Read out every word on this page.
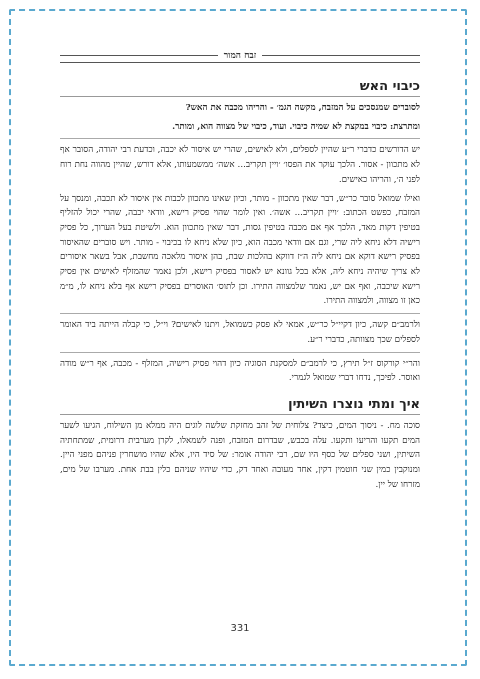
זבח המור
כיבוי האש

לסוברים שמנסכים על המזבח, מקשה הגמ׳ - והריהו מכבה את האש?

ומתרצת: כיבוי במקצת לא שמיה כיבוי. ועוד, כיבוי של מצווה הוא, ומותר.

יש הדורשים כדברי ר״ע שהיין לספלים, ולא לאישים, שהרי יש איסור לא יכבה, וכדעת רבי יהודה, הסובר אף לא מתכוון - אסור. הלכך עוקר את הפסו׳ ׳ויין תקריב... אשה׳ ממשמעותו, אלא דורש, שהיין מהווה נחת רוח לפני ה׳, והריהו כאישים.

ואילו שמואל סובר כר״ש, דבר שאין מתכוון - מותר, וכיון שאינו מתכוון לכבות אין איסור לא תכבה, ומנסך על המזבח, כפשט הכתוב: ׳ויין תקריב... אשה׳. ואין לומר שהוי פסיק רישא, וודאי יכבה, שהרי יכול להזליף בטיפין דקות מאד, הלכך אף אם מכבה בטיפין גסות, דבר שאין מתכוון הוא. ולשיטת בעל הערוך, כל פסיק רישיה דלא ניחא ליה שרי, וגם אם וודאי מכבה הוא, כיון שלא ניחא לו בכיבוי - מותר. ויש סוברים שהאיסור בפסיק רישא דוקא אם ניחא ליה ה״ז דווקא בהלכות שבת, בהן איסור מלאכה מחשבת, אבל בשאר איסורים לא צריך שיהיה ניחא ליה, אלא בכל גוונא יש לאסור בפסיק רישא, ולכן נאמר שהמזלף לאישים אין פסיק רישא שיכבה, ואף אם יש, נאמר שלמצווה התירו. וכן לתוס׳ האוסרים בפסיק רישא אף בלא ניחא לו, מ״מ כאן זו מצווה, ולמצווה התירו.

ולרמב״ם קשה, כיון דקיי״ל כר״ש, אמאי לא פסק כשמואל, ויתנו לאישים? וי״ל, כי קבלה הייתה ביד האומר לספלים שכך מצוותה, כדברי ר״ע.

והר״י קורקוס ז״ל תירץ, כי לרמב״ם למסקנת הסוגיה כיון דהוי פסיק רישיה, המזלף - מכבה, אף ר״ש מודה ואוסר. לפיכך, נדחו דברי שמואל לגמרי.

איך ומתי נוצרו השיתין

סוכה מח. - ניסוך המים, כיצד? צלוחית של זהב מחזקת שלשה לוגים היה ממלא מן השילוח, הגיעו לשער המים תקעו והריעו ותקעו. עלה בכבש, שבדרום המזבח, ופנה לשמאלו, לקרן מערבית דרומית, שמתחתיה השיתין, ושני ספלים של כסף היו שם, רבי יהודה אומר: של סיד היו, אלא שהיו מושחרין פניהם מפני היין. ומנוקבין כמין שני חוטמין דקין, אחד מעובה ואחד דק, כדי שיהיו שניהם כלין בבת אחת. מערבו של מים, מזרחו של יין.

331
